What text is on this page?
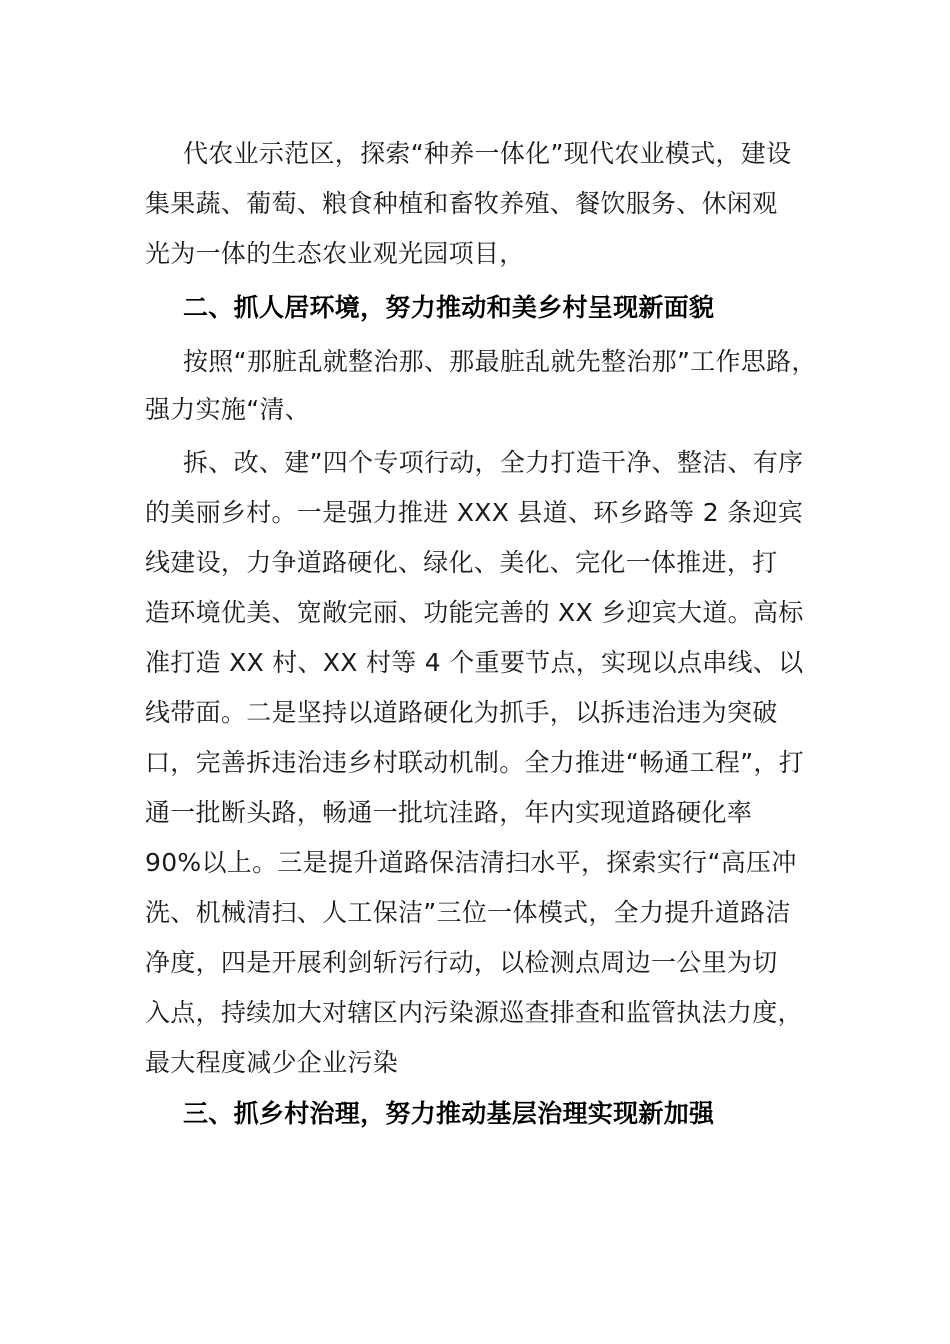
代农业示范区，探索“种养一体化”现代农业模式，建设
集果蔬、葡萄、粮食种植和畜牧养殖、餐饮服务、休闲观
光为一体的生态农业观光园项目，
二、抓人居环境，努力推动和美乡村呈现新面貌
按照“那脏乱就整治那、那最脏乱就先整治那”工作思路，
强力实施“清、
拆、改、建”四个专项行动，全力打造干净、整洁、有序
的美丽乡村。一是强力推进 XXX 县道、环乡路等 2 条迎宾
线建设，力争道路硬化、绿化、美化、完化一体推进，打
造环境优美、宽敞完丽、功能完善的 XX 乡迎宾大道。高标
准打造 XX 村、XX 村等 4 个重要节点，实现以点串线、以
线带面。二是坚持以道路硬化为抓手，以拆违治违为突破
口，完善拆违治违乡村联动机制。全力推进“畅通工程”，打
通一批断头路，畅通一批坑洼路，年内实现道路硬化率
90%以上。三是提升道路保洁清扫水平，探索实行“高压冲
洗、机械清扫、人工保洁”三位一体模式，全力提升道路洁
净度，四是开展利剑斩污行动，以检测点周边一公里为切
入点，持续加大对辖区内污染源巡查排查和监管执法力度，
最大程度减少企业污染
三、抓乡村治理，努力推动基层治理实现新加强
